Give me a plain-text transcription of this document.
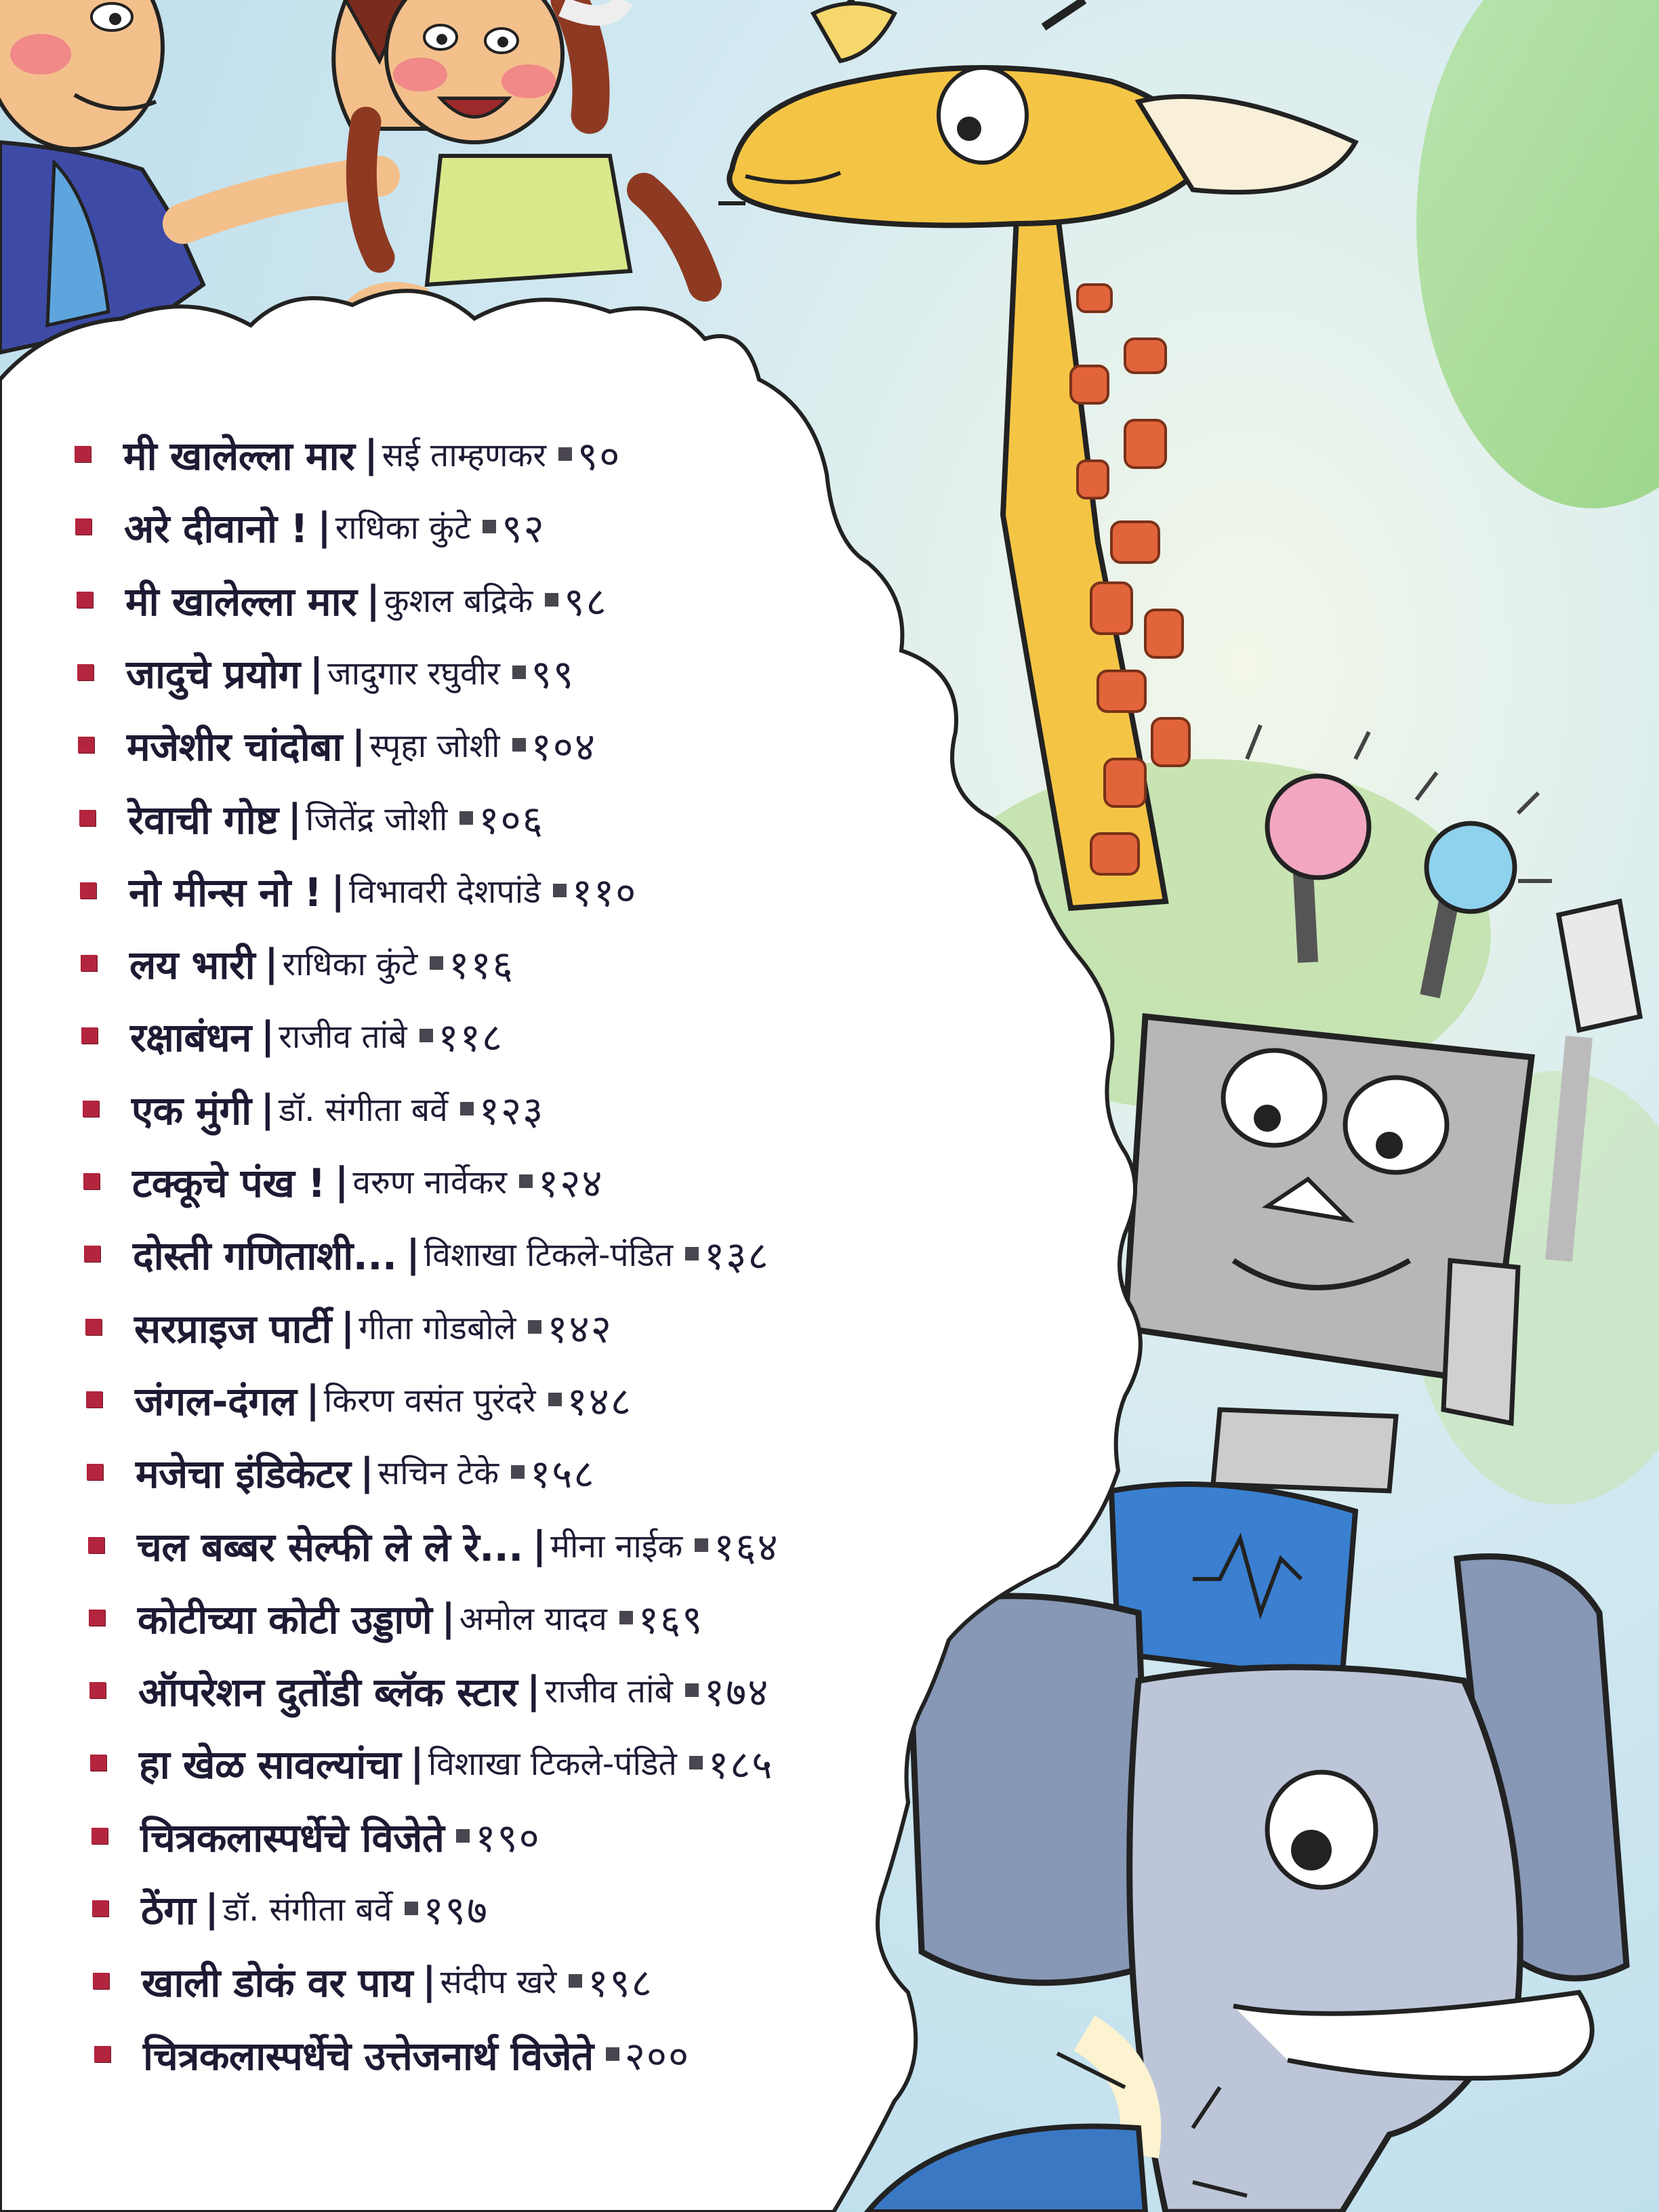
मी खालेल्ला मार | सई ताम्हणकर ९०
अरे दीवानो ! | राधिका कुंटे ९२
मी खालेल्ला मार | कुशल बद्रिके ९८
जादुचे प्रयोग | जादुगार रघुवीर ९९
मजेशीर चांदोबा | स्पृहा जोशी १०४
रेवाची गोष्ट | जितेंद्र जोशी १०६
नो मीन्स नो ! | विभावरी देशपांडे ११०
लय भारी | राधिका कुंटे ११६
रक्षाबंधन | राजीव तांबे ११८
एक मुंगी | डॉ. संगीता बर्वे १२३
टक्कूचे पंख ! | वरुण नार्वेकर १२४
दोस्ती गणिताशी... | विशाखा टिकले-पंडित १३८
सरप्राइज पार्टी | गीता गोडबोले १४२
जंगल-दंगल | किरण वसंत पुरंदरे १४८
मजेचा इंडिकेटर | सचिन टेके १५८
चल बब्बर सेल्फी ले ले रे... | मीना नाईक १६४
कोटीच्या कोटी उड्डाणे | अमोल यादव १६९
ऑपरेशन दुतोंडी ब्लॅक स्टार | राजीव तांबे १७४
हा खेळ सावल्यांचा | विशाखा टिकले-पंडिते १८५
चित्रकलास्पर्धेचे विजेते १९०
ठेंगा | डॉ. संगीता बर्वे १९७
खाली डोकं वर पाय | संदीप खरे १९८
चित्रकलास्पर्धेचे उत्तेजनार्थ विजेते २००
